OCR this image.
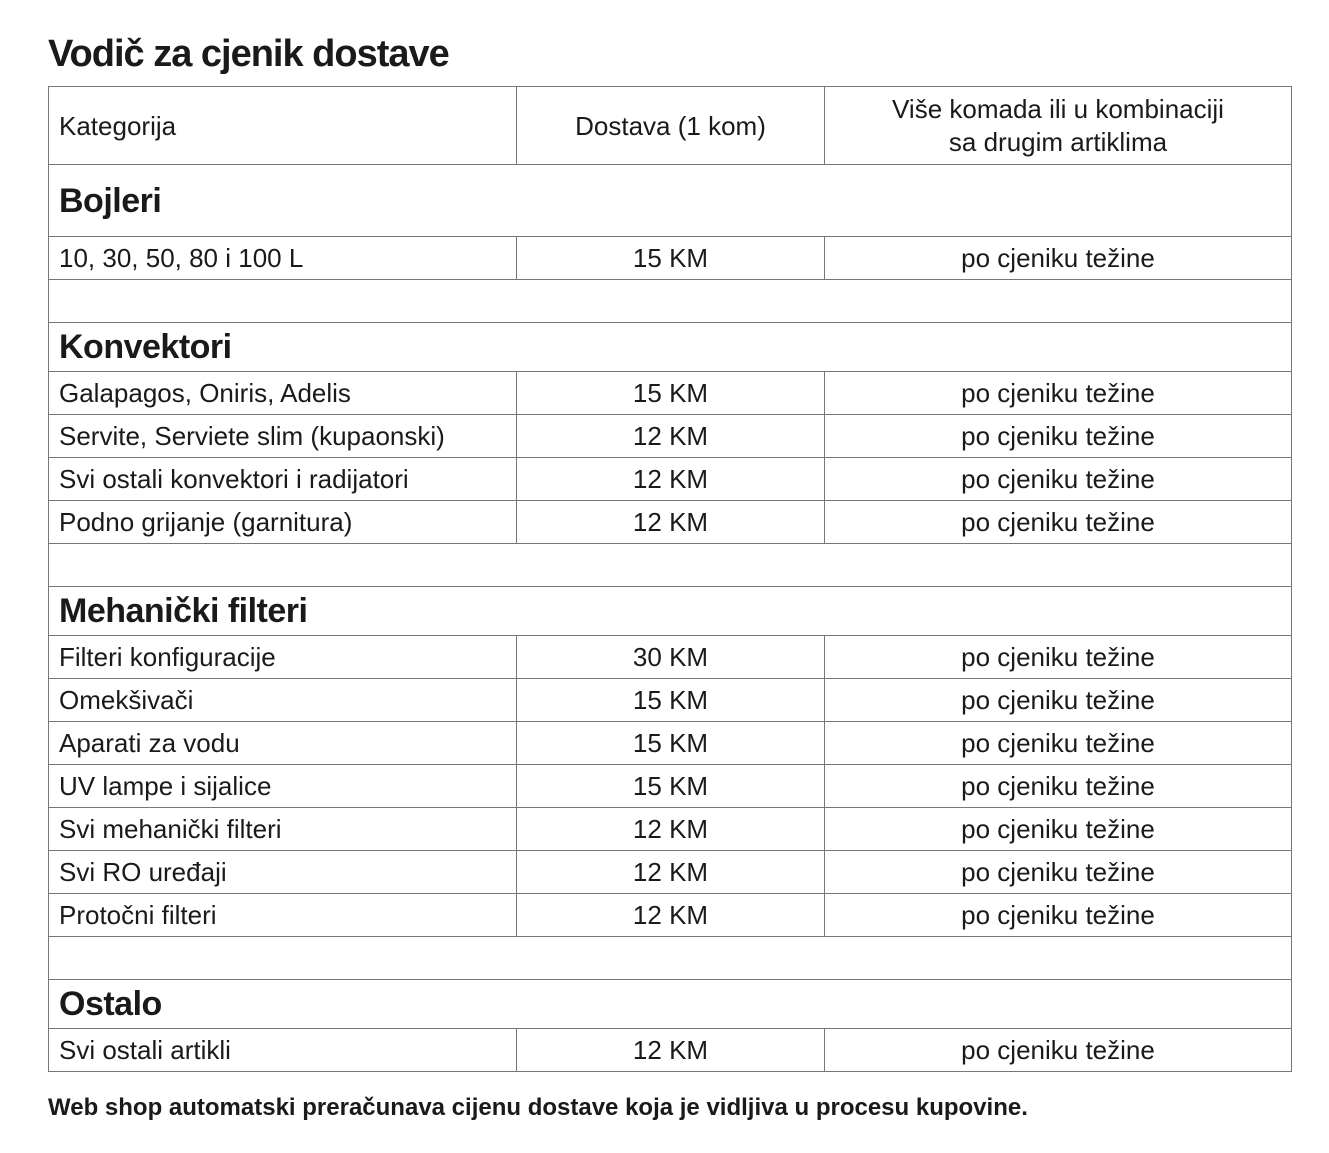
Vodič za cjenik dostave
Kategorija	Dostava (1 kom)	Više komada ili u kombinaciji
sa drugim artiklima

Bojleri		
10, 30, 50, 80 i 100 L	15 KM	po cjeniku težine

Konvektori		
Galapagos, Oniris, Adelis	15 KM	po cjeniku težine
Servite, Serviete slim (kupaonski)	12 KM	po cjeniku težine
Svi ostali konvektori i radijatori	12 KM	po cjeniku težine
Podno grijanje (garnitura)	12 KM	po cjeniku težine

Mehanički filteri		
Filteri konfiguracije	30 KM	po cjeniku težine
Omekšivači	15 KM	po cjeniku težine
Aparati za vodu	15 KM	po cjeniku težine
UV lampe i sijalice	15 KM	po cjeniku težine
Svi mehanički filteri	12 KM	po cjeniku težine
Svi RO uređaji	12 KM	po cjeniku težine
Protočni filteri	12 KM	po cjeniku težine

Ostalo		
Svi ostali artikli	12 KM	po cjeniku težine

Web shop automatski preračunava cijenu dostave koja je vidljiva u procesu kupovine.
